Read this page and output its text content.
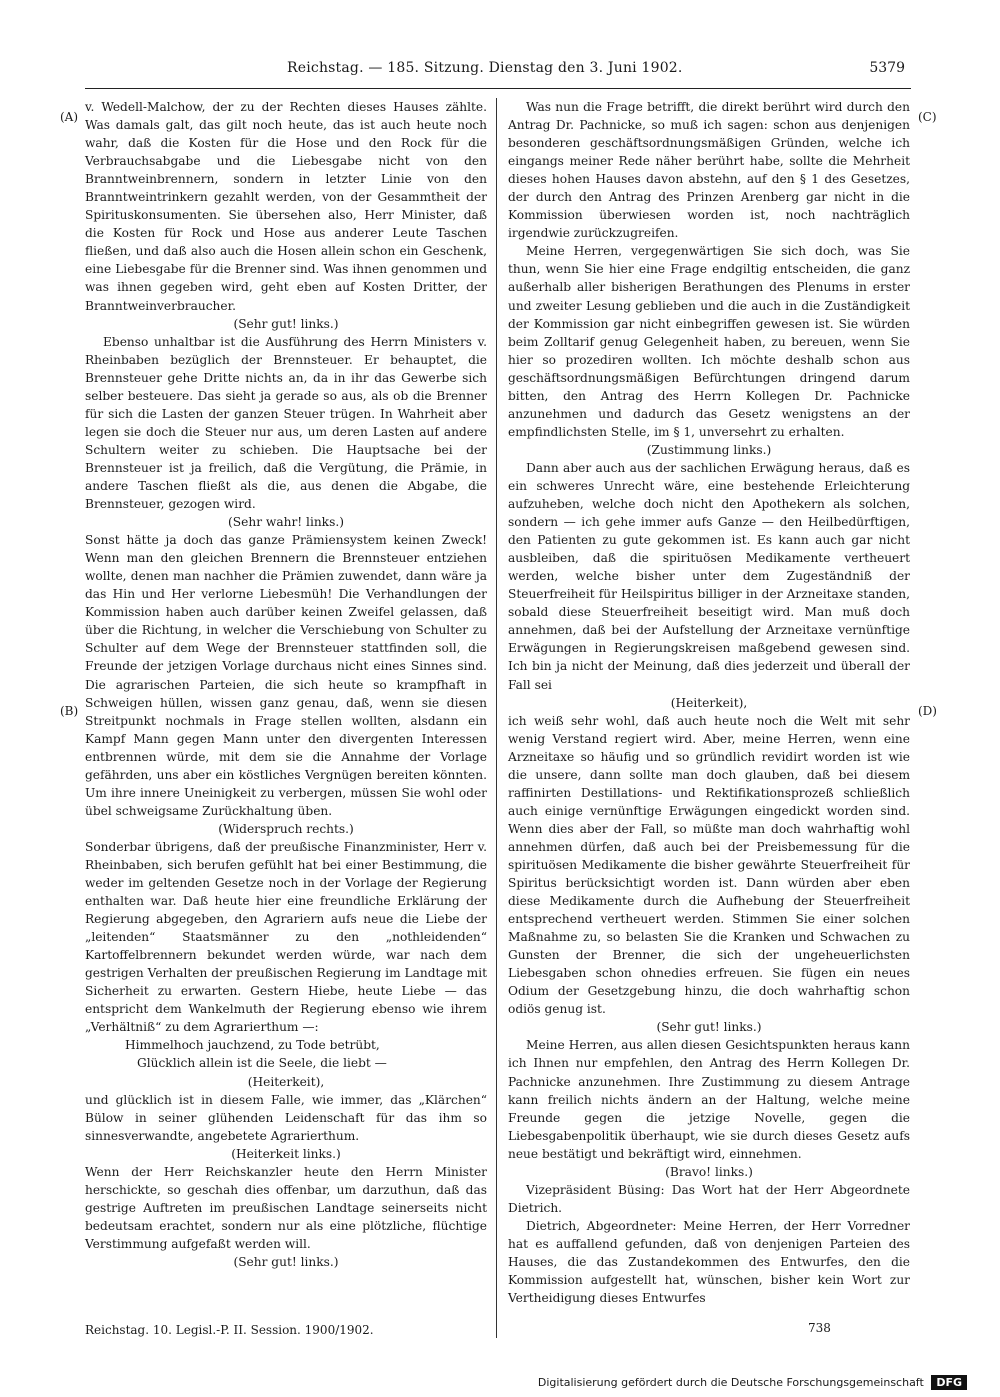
Reichstag. — 185. Sitzung. Dienstag den 3. Juni 1902.	5379
(A)
(B)
(C)
(D)

v. Wedell-Malchow, der zu der Rechten dieses Hauses zählte. Was damals galt, das gilt noch heute, das ist auch heute noch wahr, daß die Kosten für die Hose und den Rock für die Verbrauchsabgabe und die Liebesgabe nicht von den Branntweinbrennern, sondern in letzter Linie von den Branntweintrinkern gezahlt werden, von der Gesammtheit der Spirituskonsumenten. Sie übersehen also, Herr Minister, daß die Kosten für Rock und Hose aus anderer Leute Taschen fließen, und daß also auch die Hosen allein schon ein Geschenk, eine Liebesgabe für die Brenner sind. Was ihnen genommen und was ihnen gegeben wird, geht eben auf Kosten Dritter, der Branntweinverbraucher.

(Sehr gut! links.)

Ebenso unhaltbar ist die Ausführung des Herrn Ministers v. Rheinbaben bezüglich der Brennsteuer. Er behauptet, die Brennsteuer gehe Dritte nichts an, da in ihr das Gewerbe sich selber besteuere. Das sieht ja gerade so aus, als ob die Brenner für sich die Lasten der ganzen Steuer trügen. In Wahrheit aber legen sie doch die Steuer nur aus, um deren Lasten auf andere Schultern weiter zu schieben. Die Hauptsache bei der Brennsteuer ist ja freilich, daß die Vergütung, die Prämie, in andere Taschen fließt als die, aus denen die Abgabe, die Brennsteuer, gezogen wird.

(Sehr wahr! links.)

Sonst hätte ja doch das ganze Prämiensystem keinen Zweck! Wenn man den gleichen Brennern die Brennsteuer entziehen wollte, denen man nachher die Prämien zuwendet, dann wäre ja das Hin und Her verlorne Liebesmüh! Die Verhandlungen der Kommission haben auch darüber keinen Zweifel gelassen, daß über die Richtung, in welcher die Verschiebung von Schulter zu Schulter auf dem Wege der Brennsteuer stattfinden soll, die Freunde der jetzigen Vorlage durchaus nicht eines Sinnes sind. Die agrarischen Parteien, die sich heute so krampfhaft in Schweigen hüllen, wissen ganz genau, daß, wenn sie diesen Streitpunkt nochmals in Frage stellen wollten, alsdann ein Kampf Mann gegen Mann unter den divergenten Interessen entbrennen würde, mit dem sie die Annahme der Vorlage gefährden, uns aber ein köstliches Vergnügen bereiten könnten. Um ihre innere Uneinigkeit zu verbergen, müssen Sie wohl oder übel schweigsame Zurückhaltung üben.

(Widerspruch rechts.)

Sonderbar übrigens, daß der preußische Finanzminister, Herr v. Rheinbaben, sich berufen gefühlt hat bei einer Bestimmung, die weder im geltenden Gesetze noch in der Vorlage der Regierung enthalten war. Daß heute hier eine freundliche Erklärung der Regierung abgegeben, den Agrariern aufs neue die Liebe der „leitenden“ Staatsmänner zu den „nothleidenden“ Kartoffelbrennern bekundet werden würde, war nach dem gestrigen Verhalten der preußischen Regierung im Landtage mit Sicherheit zu erwarten. Gestern Hiebe, heute Liebe — das entspricht dem Wankelmuth der Regierung ebenso wie ihrem „Verhältniß“ zu dem Agrarierthum —:

Himmelhoch jauchzend, zu Tode betrübt,

Glücklich allein ist die Seele, die liebt —

(Heiterkeit),

und glücklich ist in diesem Falle, wie immer, das „Klärchen“ Bülow in seiner glühenden Leidenschaft für das ihm so sinnesverwandte, angebetete Agrarierthum.

(Heiterkeit links.)

Wenn der Herr Reichskanzler heute den Herrn Minister herschickte, so geschah dies offenbar, um darzuthun, daß das gestrige Auftreten im preußischen Landtage seinerseits nicht bedeutsam erachtet, sondern nur als eine plötzliche, flüchtige Verstimmung aufgefaßt werden will.

(Sehr gut! links.)

Was nun die Frage betrifft, die direkt berührt wird durch den Antrag Dr. Pachnicke, so muß ich sagen: schon aus denjenigen besonderen geschäftsordnungsmäßigen Gründen, welche ich eingangs meiner Rede näher berührt habe, sollte die Mehrheit dieses hohen Hauses davon abstehn, auf den § 1 des Gesetzes, der durch den Antrag des Prinzen Arenberg gar nicht in die Kommission überwiesen worden ist, noch nachträglich irgendwie zurückzugreifen.

Meine Herren, vergegenwärtigen Sie sich doch, was Sie thun, wenn Sie hier eine Frage endgiltig entscheiden, die ganz außerhalb aller bisherigen Berathungen des Plenums in erster und zweiter Lesung geblieben und die auch in die Zuständigkeit der Kommission gar nicht einbegriffen gewesen ist. Sie würden beim Zolltarif genug Gelegenheit haben, zu bereuen, wenn Sie hier so prozediren wollten. Ich möchte deshalb schon aus geschäftsordnungsmäßigen Befürchtungen dringend darum bitten, den Antrag des Herrn Kollegen Dr. Pachnicke anzunehmen und dadurch das Gesetz wenigstens an der empfindlichsten Stelle, im § 1, unversehrt zu erhalten.

(Zustimmung links.)

Dann aber auch aus der sachlichen Erwägung heraus, daß es ein schweres Unrecht wäre, eine bestehende Erleichterung aufzuheben, welche doch nicht den Apothekern als solchen, sondern — ich gehe immer aufs Ganze — den Heilbedürftigen, den Patienten zu gute gekommen ist. Es kann auch gar nicht ausbleiben, daß die spirituösen Medikamente vertheuert werden, welche bisher unter dem Zugeständniß der Steuerfreiheit für Heilspiritus billiger in der Arzneitaxe standen, sobald diese Steuerfreiheit beseitigt wird. Man muß doch annehmen, daß bei der Aufstellung der Arzneitaxe vernünftige Erwägungen in Regierungskreisen maßgebend gewesen sind. Ich bin ja nicht der Meinung, daß dies jederzeit und überall der Fall sei

(Heiterkeit),

ich weiß sehr wohl, daß auch heute noch die Welt mit sehr wenig Verstand regiert wird. Aber, meine Herren, wenn eine Arzneitaxe so häufig und so gründlich revidirt worden ist wie die unsere, dann sollte man doch glauben, daß bei diesem raffinirten Destillations- und Rektifikationsprozeß schließlich auch einige vernünftige Erwägungen eingedickt worden sind. Wenn dies aber der Fall, so müßte man doch wahrhaftig wohl annehmen dürfen, daß auch bei der Preisbemessung für die spirituösen Medikamente die bisher gewährte Steuerfreiheit für Spiritus berücksichtigt worden ist. Dann würden aber eben diese Medikamente durch die Aufhebung der Steuerfreiheit entsprechend vertheuert werden. Stimmen Sie einer solchen Maßnahme zu, so belasten Sie die Kranken und Schwachen zu Gunsten der Brenner, die sich der ungeheuerlichsten Liebesgaben schon ohnedies erfreuen. Sie fügen ein neues Odium der Gesetzgebung hinzu, die doch wahrhaftig schon odiös genug ist.

(Sehr gut! links.)

Meine Herren, aus allen diesen Gesichtspunkten heraus kann ich Ihnen nur empfehlen, den Antrag des Herrn Kollegen Dr. Pachnicke anzunehmen. Ihre Zustimmung zu diesem Antrage kann freilich nichts ändern an der Haltung, welche meine Freunde gegen die jetzige Novelle, gegen die Liebesgabenpolitik überhaupt, wie sie durch dieses Gesetz aufs neue bestätigt und bekräftigt wird, einnehmen.

(Bravo! links.)

Vizepräsident Büsing: Das Wort hat der Herr Abgeordnete Dietrich.

Dietrich, Abgeordneter: Meine Herren, der Herr Vorredner hat es auffallend gefunden, daß von denjenigen Parteien des Hauses, die das Zustandekommen des Entwurfes, den die Kommission aufgestellt hat, wünschen, bisher kein Wort zur Vertheidigung dieses Entwurfes

Reichstag. 10. Legisl.-P. II. Session. 1900/1902.	738
Digitalisierung gefördert durch die Deutsche Forschungsgemeinschaft DFG
